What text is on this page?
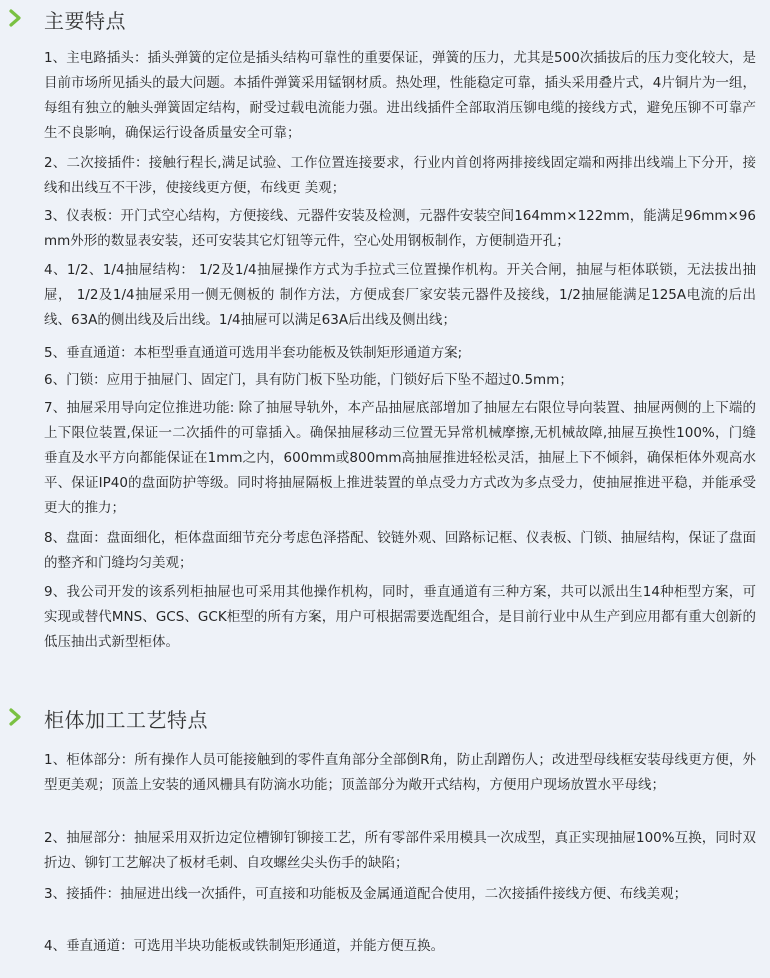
主要特点
1、主电路插头：插头弹簧的定位是插头结构可靠性的重要保证，弹簧的压力，尤其是500次插拔后的压力变化较大，是目前市场所见插头的最大问题。本插件弹簧采用锰钢材质。热处理，性能稳定可靠，插头采用叠片式，4片铜片为一组，每组有独立的触头弹簧固定结构，耐受过载电流能力强。进出线插件全部取消压铆电缆的接线方式，避免压铆不可靠产生不良影响，确保运行设备质量安全可靠；
2、二次接插件：接触行程长,满足试验、工作位置连接要求，行业内首创将两排接线固定端和两排出线端上下分开，接线和出线互不干涉，使接线更方便，布线更 美观；
3、仪表板：开门式空心结构，方便接线、元器件安装及检测，元器件安装空间164mm×122mm，能满足96mm×96mm外形的数显表安装，还可安装其它灯钮等元件，空心处用钢板制作，方便制造开孔；
4、1/2、1/4抽屉结构： 1/2及1/4抽屉操作方式为手拉式三位置操作机构。开关合闸，抽屉与柜体联锁，无法拔出抽屉， 1/2及1/4抽屉采用一侧无侧板的 制作方法，方便成套厂家安装元器件及接线，1/2抽屉能满足125A电流的后出线、63A的侧出线及后出线。1/4抽屉可以满足63A后出线及侧出线；
5、垂直通道：本柜型垂直通道可选用半套功能板及铁制矩形通道方案;
6、门锁：应用于抽屉门、固定门，具有防门板下坠功能，门锁好后下坠不超过0.5mm；
7、抽屉采用导向定位推进功能: 除了抽屉导轨外，本产品抽屉底部增加了抽屉左右限位导向装置、抽屉两侧的上下端的上下限位装置,保证一二次插件的可靠插入。确保抽屉移动三位置无异常机械摩擦,无机械故障,抽屉互换性100%，门缝垂直及水平方向都能保证在1mm之内，600mm或800mm高抽屉推进轻松灵活，抽屉上下不倾斜，确保柜体外观高水平、保证IP40的盘面防护等级。同时将抽屉隔板上推进装置的单点受力方式改为多点受力，使抽屉推进平稳，并能承受更大的推力；
8、盘面：盘面细化，柜体盘面细节充分考虑色泽搭配、铰链外观、回路标记框、仪表板、门锁、抽屉结构，保证了盘面的整齐和门缝均匀美观；
9、我公司开发的该系列柜抽屉也可采用其他操作机构，同时，垂直通道有三种方案，共可以派出生14种柜型方案，可实现或替代MNS、GCS、GCK柜型的所有方案，用户可根据需要选配组合，是目前行业中从生产到应用都有重大创新的低压抽出式新型柜体。
柜体加工工艺特点
1、柜体部分：所有操作人员可能接触到的零件直角部分全部倒R角，防止刮蹭伤人；改进型母线框安装母线更方便，外型更美观；顶盖上安装的通风栅具有防滴水功能；顶盖部分为敞开式结构，方便用户现场放置水平母线；
2、抽屉部分：抽屉采用双折边定位槽铆钉铆接工艺，所有零部件采用模具一次成型，真正实现抽屉100%互换，同时双折边、铆钉工艺解决了板材毛刺、自攻螺丝尖头伤手的缺陷；
3、接插件：抽屉进出线一次插件，可直接和功能板及金属通道配合使用，二次接插件接线方便、布线美观；
4、垂直通道：可选用半块功能板或铁制矩形通道，并能方便互换。
